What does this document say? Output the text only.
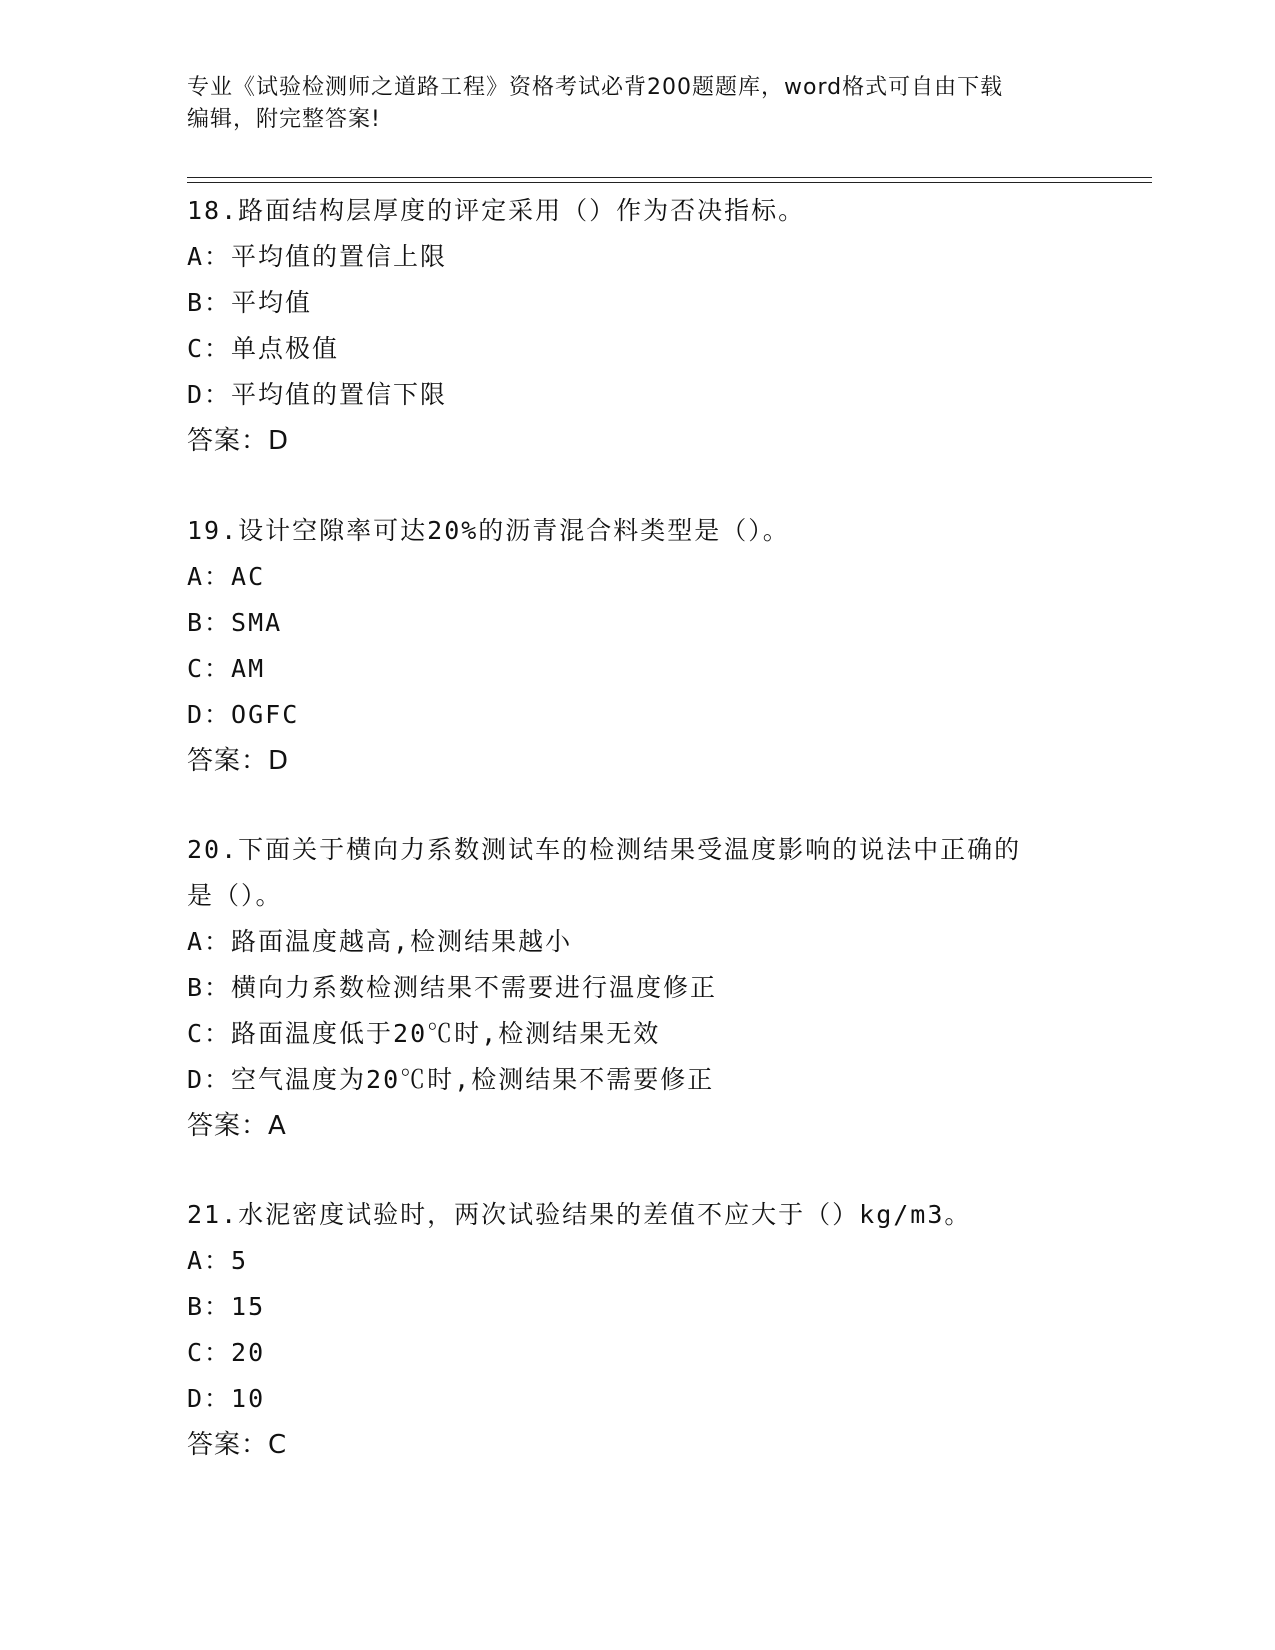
专业《试验检测师之道路工程》资格考试必背200题题库，word格式可自由下载
编辑，附完整答案!
18.路面结构层厚度的评定采用（）作为否决指标。
A：平均值的置信上限
B：平均值
C：单点极值
D：平均值的置信下限
答案：D
19.设计空隙率可达20%的沥青混合料类型是（）。
A：AC
B：SMA
C：AM
D：OGFC
答案：D
20.下面关于横向力系数测试车的检测结果受温度影响的说法中正确的
是（）。
A：路面温度越高,检测结果越小
B：横向力系数检测结果不需要进行温度修正
C：路面温度低于20℃时,检测结果无效
D：空气温度为20℃时,检测结果不需要修正
答案：A
21.水泥密度试验时，两次试验结果的差值不应大于（）kg/m3。
A：5
B：15
C：20
D：10
答案：C
